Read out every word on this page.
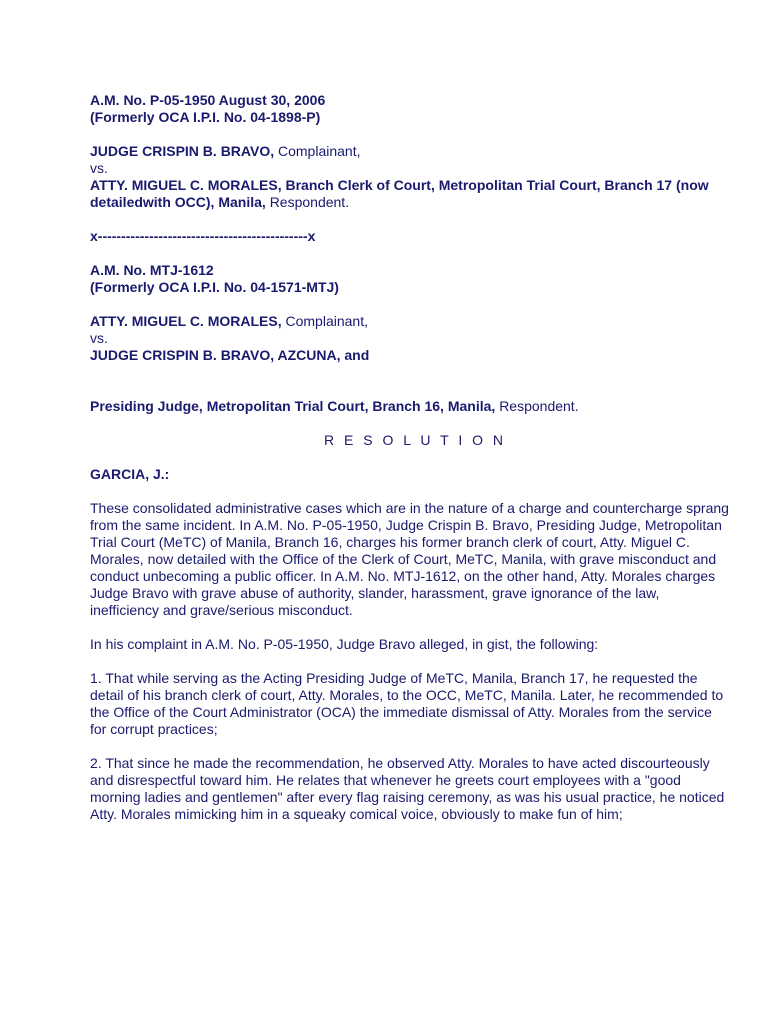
A.M. No. P-05-1950 August 30, 2006

(Formerly OCA I.P.I. No. 04-1898-P)

JUDGE CRISPIN B. BRAVO, Complainant,

vs.

ATTY. MIGUEL C. MORALES, Branch Clerk of Court, Metropolitan Trial Court, Branch 17 (now detailedwith OCC), Manila, Respondent.

x---------------------------------------------x

A.M. No. MTJ-1612

(Formerly OCA I.P.I. No. 04-1571-MTJ)

ATTY. MIGUEL C. MORALES, Complainant,

vs.

JUDGE CRISPIN B. BRAVO, AZCUNA, and

Presiding Judge, Metropolitan Trial Court, Branch 16, Manila, Respondent.

R E S O L U T I O N

GARCIA, J.:

These consolidated administrative cases which are in the nature of a charge and countercharge sprang from the same incident. In A.M. No. P-05-1950, Judge Crispin B. Bravo, Presiding Judge, Metropolitan Trial Court (MeTC) of Manila, Branch 16, charges his former branch clerk of court, Atty. Miguel C. Morales, now detailed with the Office of the Clerk of Court, MeTC, Manila, with grave misconduct and conduct unbecoming a public officer. In A.M. No. MTJ-1612, on the other hand, Atty. Morales charges Judge Bravo with grave abuse of authority, slander, harassment, grave ignorance of the law, inefficiency and grave/serious misconduct.

In his complaint in A.M. No. P-05-1950, Judge Bravo alleged, in gist, the following:

1. That while serving as the Acting Presiding Judge of MeTC, Manila, Branch 17, he requested the detail of his branch clerk of court, Atty. Morales, to the OCC, MeTC, Manila. Later, he recommended to the Office of the Court Administrator (OCA) the immediate dismissal of Atty. Morales from the service for corrupt practices;

2. That since he made the recommendation, he observed Atty. Morales to have acted discourteously and disrespectful toward him. He relates that whenever he greets court employees with a "good morning ladies and gentlemen" after every flag raising ceremony, as was his usual practice, he noticed Atty. Morales mimicking him in a squeaky comical voice, obviously to make fun of him;
